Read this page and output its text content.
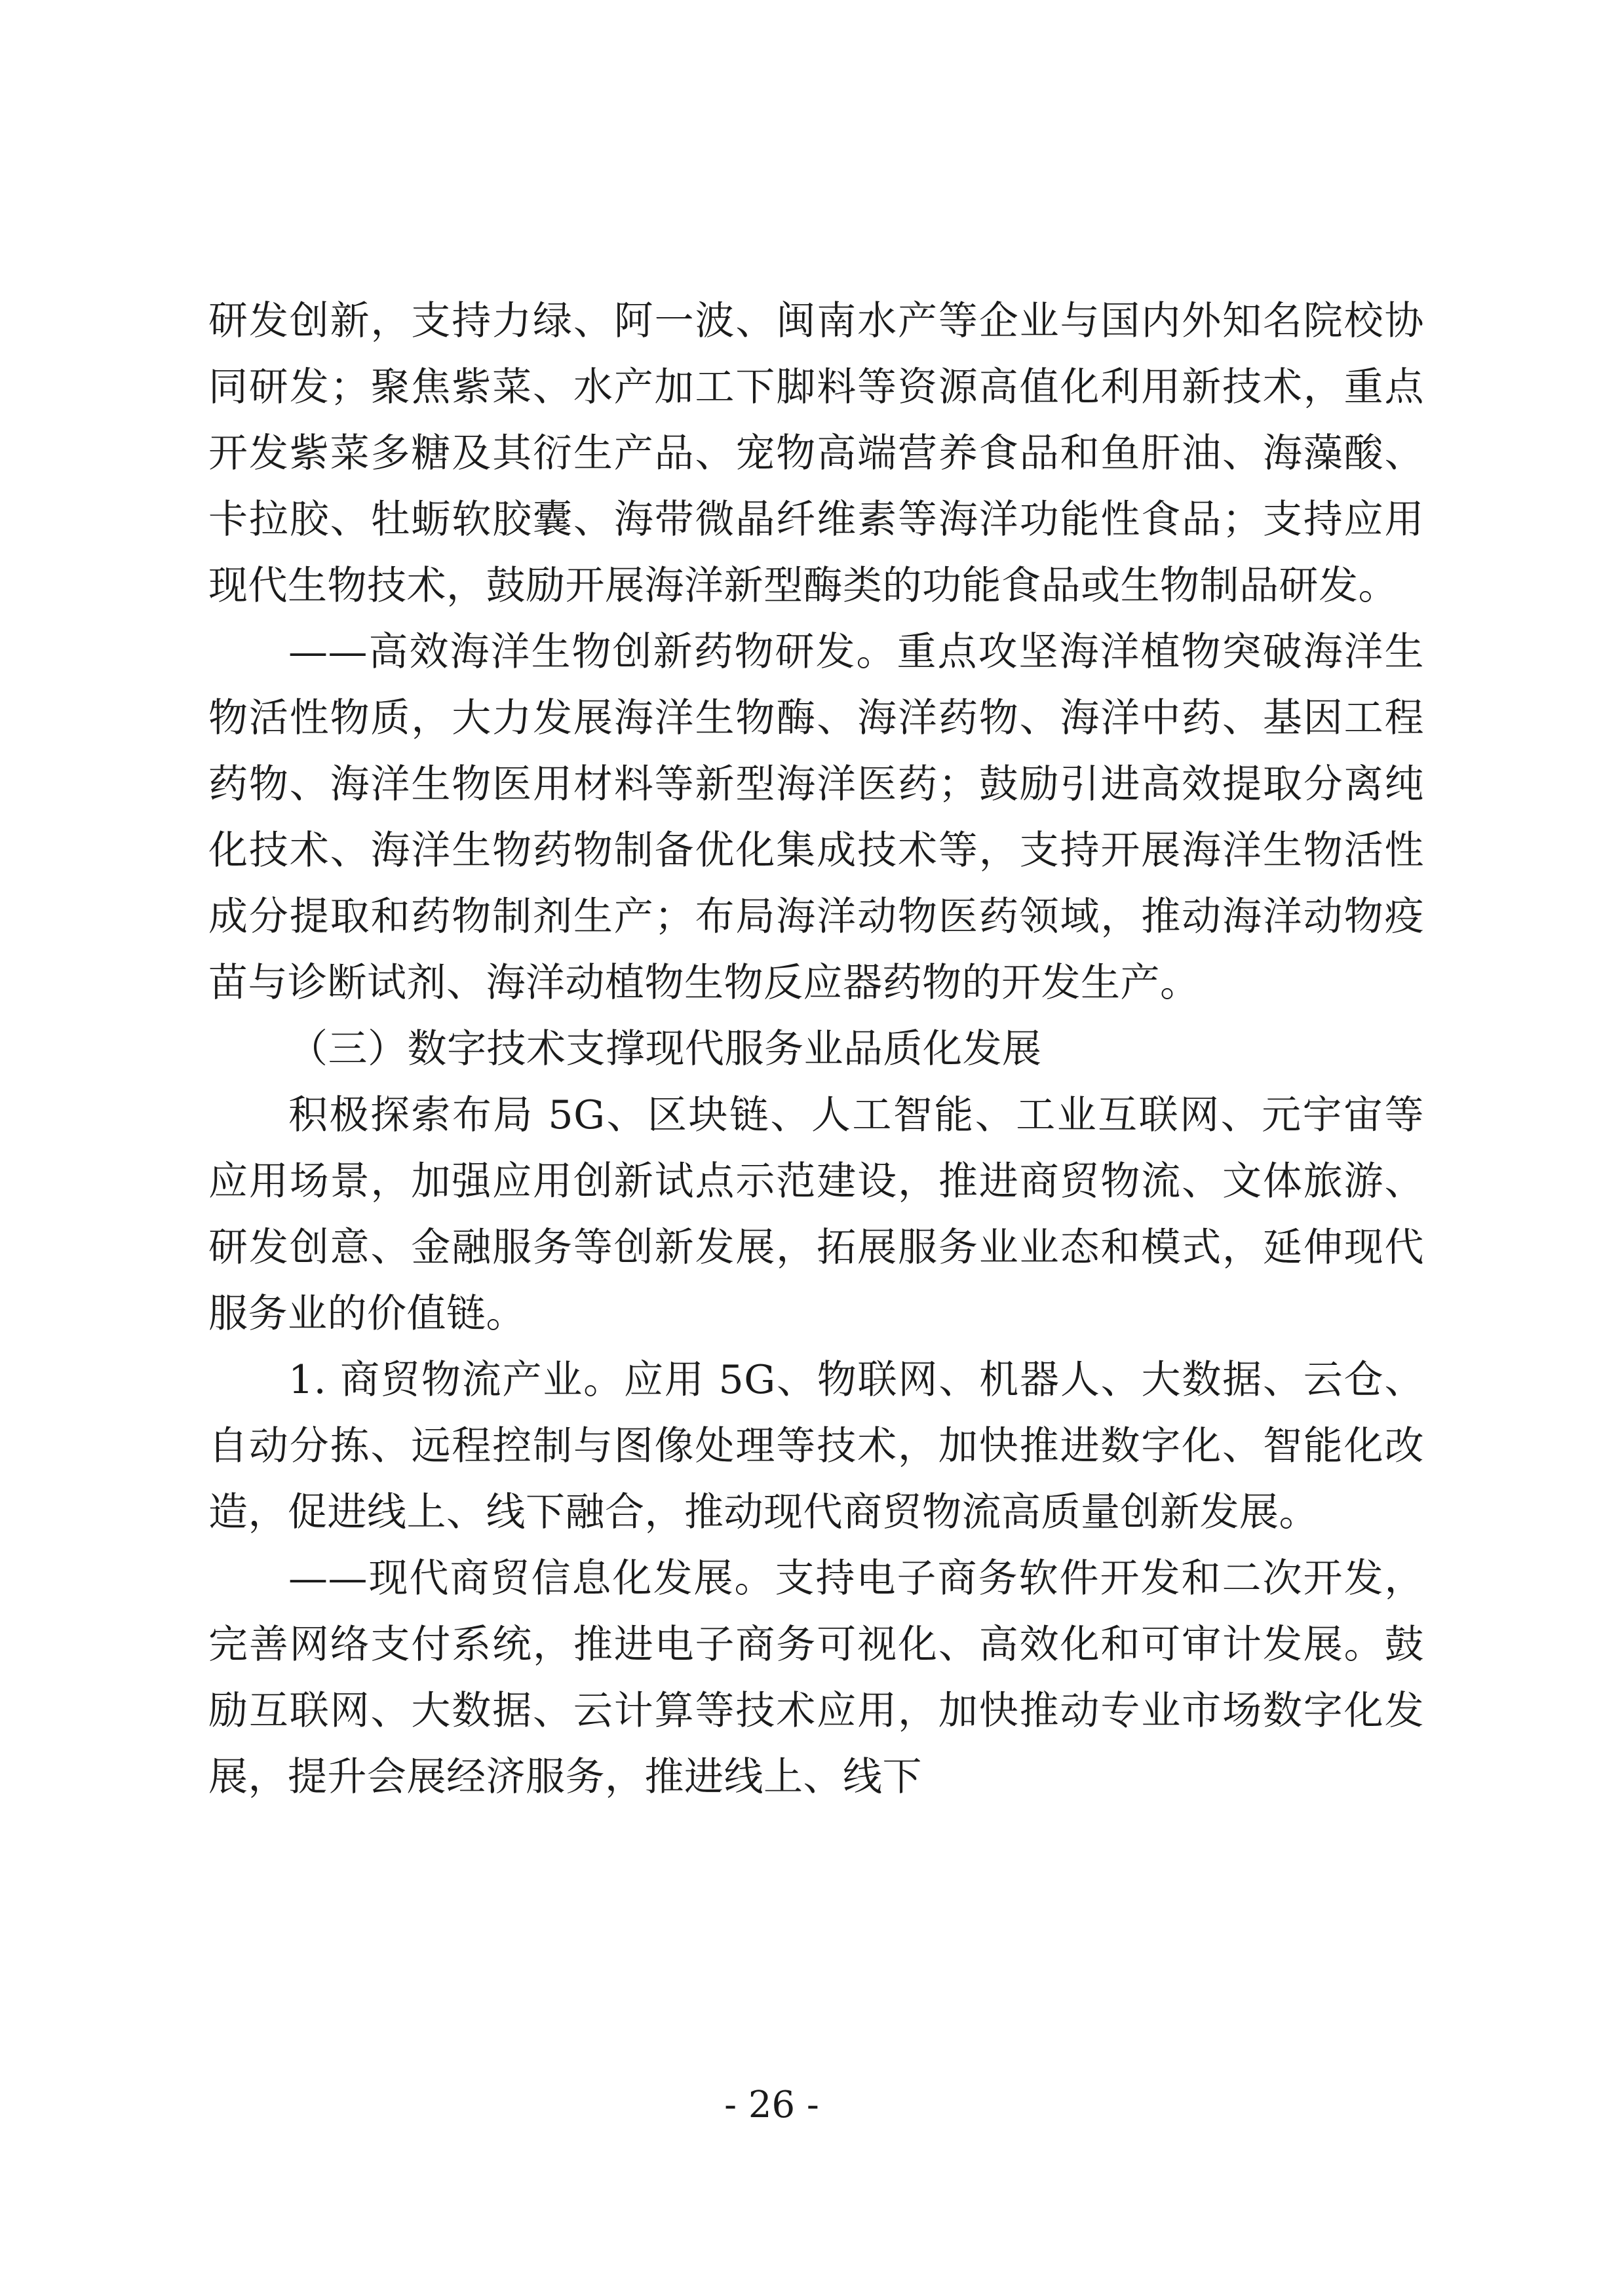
研发创新，支持力绿、阿一波、闽南水产等企业与国内外知名院校协同研发；聚焦紫菜、水产加工下脚料等资源高值化利用新技术，重点开发紫菜多糖及其衍生产品、宠物高端营养食品和鱼肝油、海藻酸、卡拉胶、牡蛎软胶囊、海带微晶纤维素等海洋功能性食品；支持应用现代生物技术，鼓励开展海洋新型酶类的功能食品或生物制品研发。

——高效海洋生物创新药物研发。重点攻坚海洋植物突破海洋生物活性物质，大力发展海洋生物酶、海洋药物、海洋中药、基因工程药物、海洋生物医用材料等新型海洋医药；鼓励引进高效提取分离纯化技术、海洋生物药物制备优化集成技术等，支持开展海洋生物活性成分提取和药物制剂生产；布局海洋动物医药领域，推动海洋动物疫苗与诊断试剂、海洋动植物生物反应器药物的开发生产。

（三）数字技术支撑现代服务业品质化发展

积极探索布局 5G、区块链、人工智能、工业互联网、元宇宙等应用场景，加强应用创新试点示范建设，推进商贸物流、文体旅游、研发创意、金融服务等创新发展，拓展服务业业态和模式，延伸现代服务业的价值链。

1. 商贸物流产业。应用 5G、物联网、机器人、大数据、云仓、自动分拣、远程控制与图像处理等技术，加快推进数字化、智能化改造，促进线上、线下融合，推动现代商贸物流高质量创新发展。

——现代商贸信息化发展。支持电子商务软件开发和二次开发，完善网络支付系统，推进电子商务可视化、高效化和可审计发展。鼓励互联网、大数据、云计算等技术应用，加快推动专业市场数字化发展，提升会展经济服务，推进线上、线下

- 26 -
